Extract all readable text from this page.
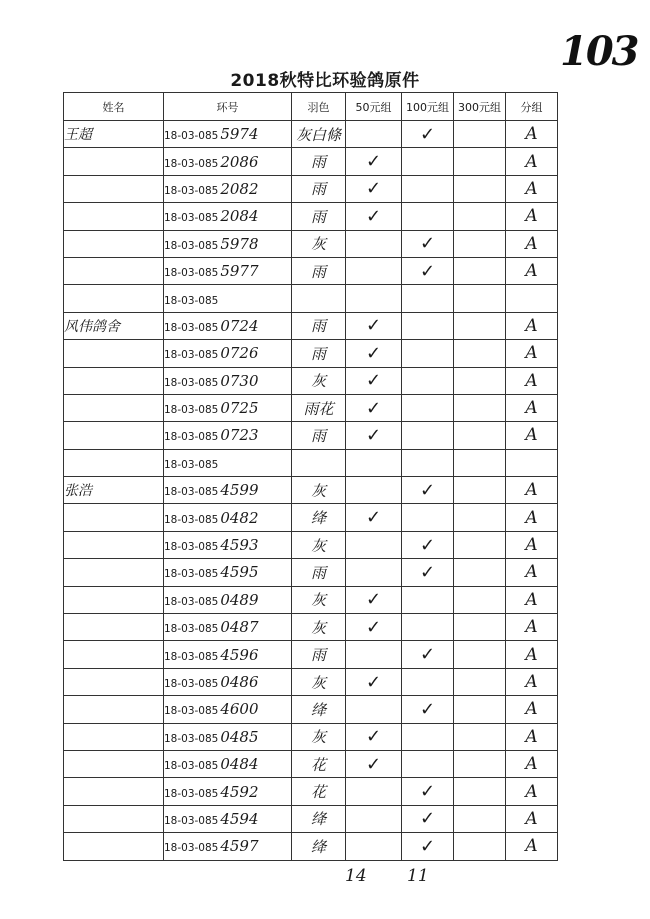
103
2018秋特比环验鸽原件
姓名	环号	羽色	50元组	100元组	300元组	分组
王超	18-03-085 5974	灰白條		✓		A
	18-03-085 2086	雨	✓			A
	18-03-085 2082	雨	✓			A
	18-03-085 2084	雨	✓			A
	18-03-085 5978	灰		✓		A
	18-03-085 5977	雨		✓		A
	18-03-085					
风伟鸽舍	18-03-085 0724	雨	✓			A
	18-03-085 0726	雨	✓			A
	18-03-085 0730	灰	✓			A
	18-03-085 0725	雨花	✓			A
	18-03-085 0723	雨	✓			A
	18-03-085					
张浩	18-03-085 4599	灰		✓		A
	18-03-085 0482	绛	✓			A
	18-03-085 4593	灰		✓		A
	18-03-085 4595	雨		✓		A
	18-03-085 0489	灰	✓			A
	18-03-085 0487	灰	✓			A
	18-03-085 4596	雨		✓		A
	18-03-085 0486	灰	✓			A
	18-03-085 4600	绛		✓		A
	18-03-085 0485	灰	✓			A
	18-03-085 0484	花	✓			A
	18-03-085 4592	花		✓		A
	18-03-085 4594	绛		✓		A
	18-03-085 4597	绛		✓		A
14 11
